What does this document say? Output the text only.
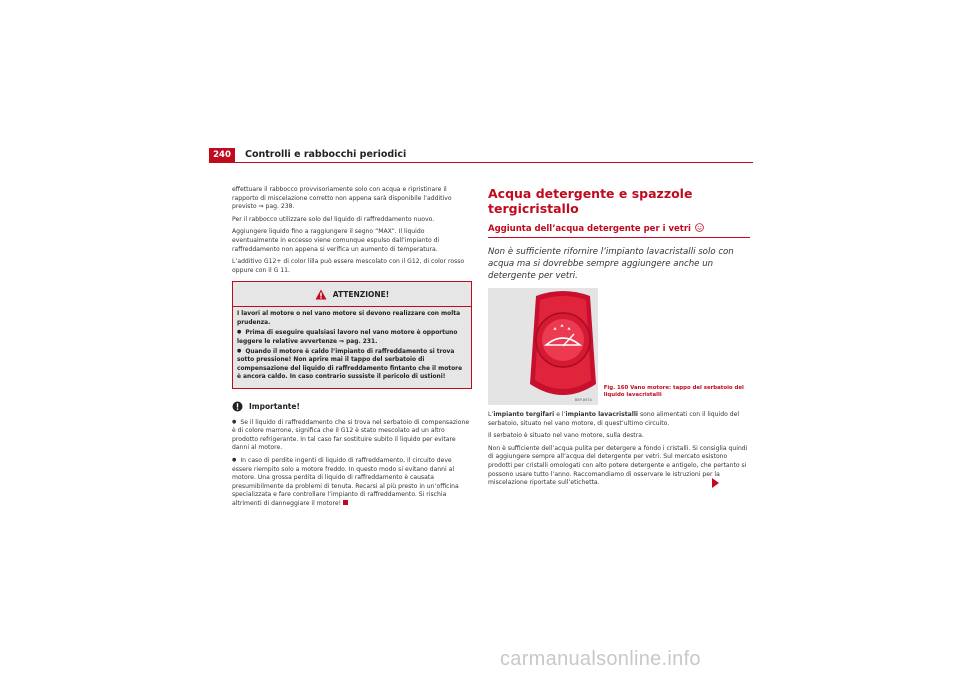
240	Controlli e rabbocchi periodici

effettuare il rabbocco provvisoriamente solo con acqua e ripristinare il rapporto di miscelazione corretto non appena sarà disponibile l’additivo previsto ⇒ pag. 238.

Per il rabbocco utilizzare solo del liquido di raffreddamento nuovo.

Aggiungere liquido fino a raggiungere il segno “MAX”. Il liquido eventualmente in eccesso viene comunque espulso dall’impianto di raffreddamento non appena si verifica un aumento di temperatura.

L’additivo G12+ di color lilla può essere mescolato con il G12, di color rosso oppure con il G 11.

ATTENZIONE!

I lavori al motore o nel vano motore si devono realizzare con molta prudenza.

● Prima di eseguire qualsiasi lavoro nel vano motore è opportuno leggere le relative avvertenze ⇒ pag. 231.

● Quando il motore è caldo l’impianto di raffreddamento si trova sotto pressione! Non aprire mai il tappo del serbatoio di compensazione del liquido di raffreddamento fintanto che il motore è ancora caldo. In caso contrario sussiste il pericolo di ustioni!

Importante!

● Se il liquido di raffreddamento che si trova nel serbatoio di compensazione è di colore marrone, significa che il G12 è stato mescolato ad un altro prodotto refrigerante. In tal caso far sostituire subito il liquido per evitare danni al motore.

● In caso di perdite ingenti di liquido di raffreddamento, il circuito deve essere riempito solo a motore freddo. In questo modo si evitano danni al motore. Una grossa perdita di liquido di raffreddamento è causata presumibilmente da problemi di tenuta. Recarsi al più presto in un’officina specializzata e fare controllare l’impianto di raffreddamento. Si rischia altrimenti di danneggiare il motore!

Acqua detergente e spazzole tergicristallo
Aggiunta dell’acqua detergente per i vetri
Non è sufficiente rifornire l’impianto lavacristalli solo con acqua ma si dovrebbe sempre aggiungere anche un detergente per vetri.
B5P-0074
Fig. 160 Vano motore: tappo del serbatoio del liquido lavacristalli

L’impianto tergifari e l’impianto lavacristalli sono alimentati con il liquido del serbatoio, situato nel vano motore, di quest’ultimo circuito.

Il serbatoio è situato nel vano motore, sulla destra.

Non è sufficiente dell’acqua pulita per detergere a fondo i cristalli. Si consiglia quindi di aggiungere sempre all’acqua del detergente per vetri. Sul mercato esistono prodotti per cristalli omologati con alto potere detergente e antigelo, che pertanto si possono usare tutto l’anno. Raccomandiamo di osservare le istruzioni per la miscelazione riportate sull’etichetta.

carmanualsonline.info
